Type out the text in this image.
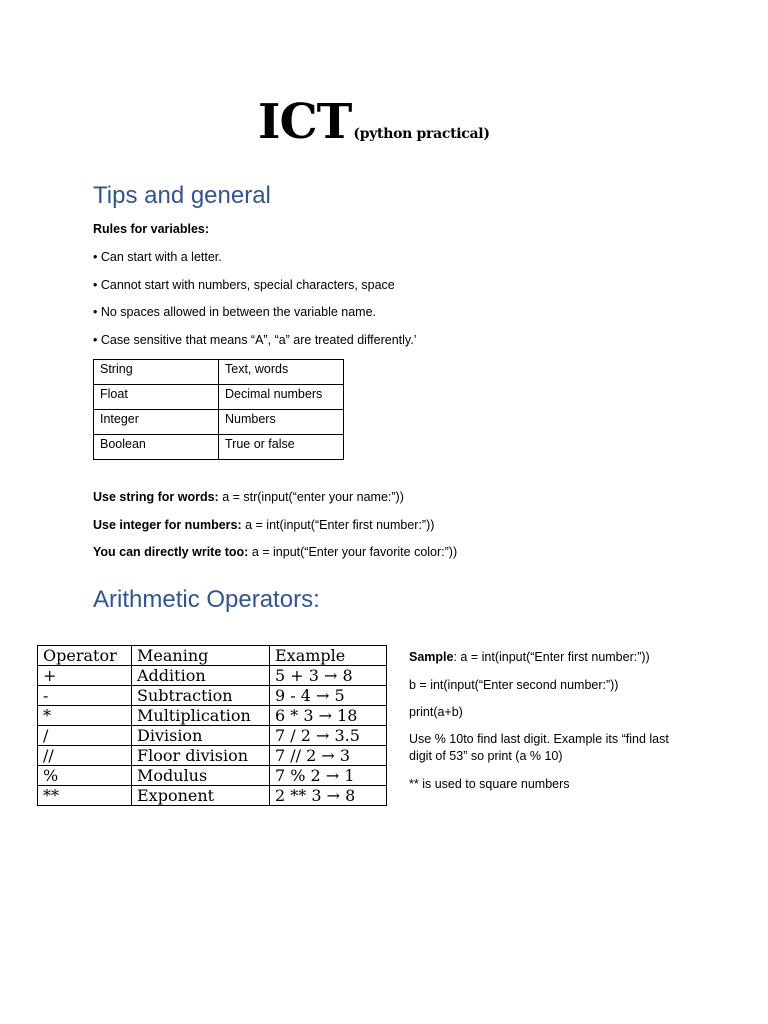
ICT (python practical)
Tips and general
Rules for variables:
• Can start with a letter.
• Cannot start with numbers, special characters, space
• No spaces allowed in between the variable name.
• Case sensitive that means “A”, “a” are treated differently.’
String	Text, words
Float	Decimal numbers
Integer	Numbers
Boolean	True or false
Use string for words: a = str(input(“enter your name:”))
Use integer for numbers: a = int(input(“Enter first number:”))
You can directly write too: a = input(“Enter your favorite color:”))
Arithmetic Operators:
Operator	Meaning	Example
+	Addition	5 + 3 → 8
-	Subtraction	9 - 4 → 5
*	Multiplication	6 * 3 → 18
/	Division	7 / 2 → 3.5
//	Floor division	7 // 2 → 3
%	Modulus	7 % 2 → 1
**	Exponent	2 ** 3 → 8
Sample: a = int(input(“Enter first number:”))
b = int(input(“Enter second number:”))
print(a+b)
Use % 10to find last digit. Example its “find last digit of 53” so print (a % 10)
** is used to square numbers
